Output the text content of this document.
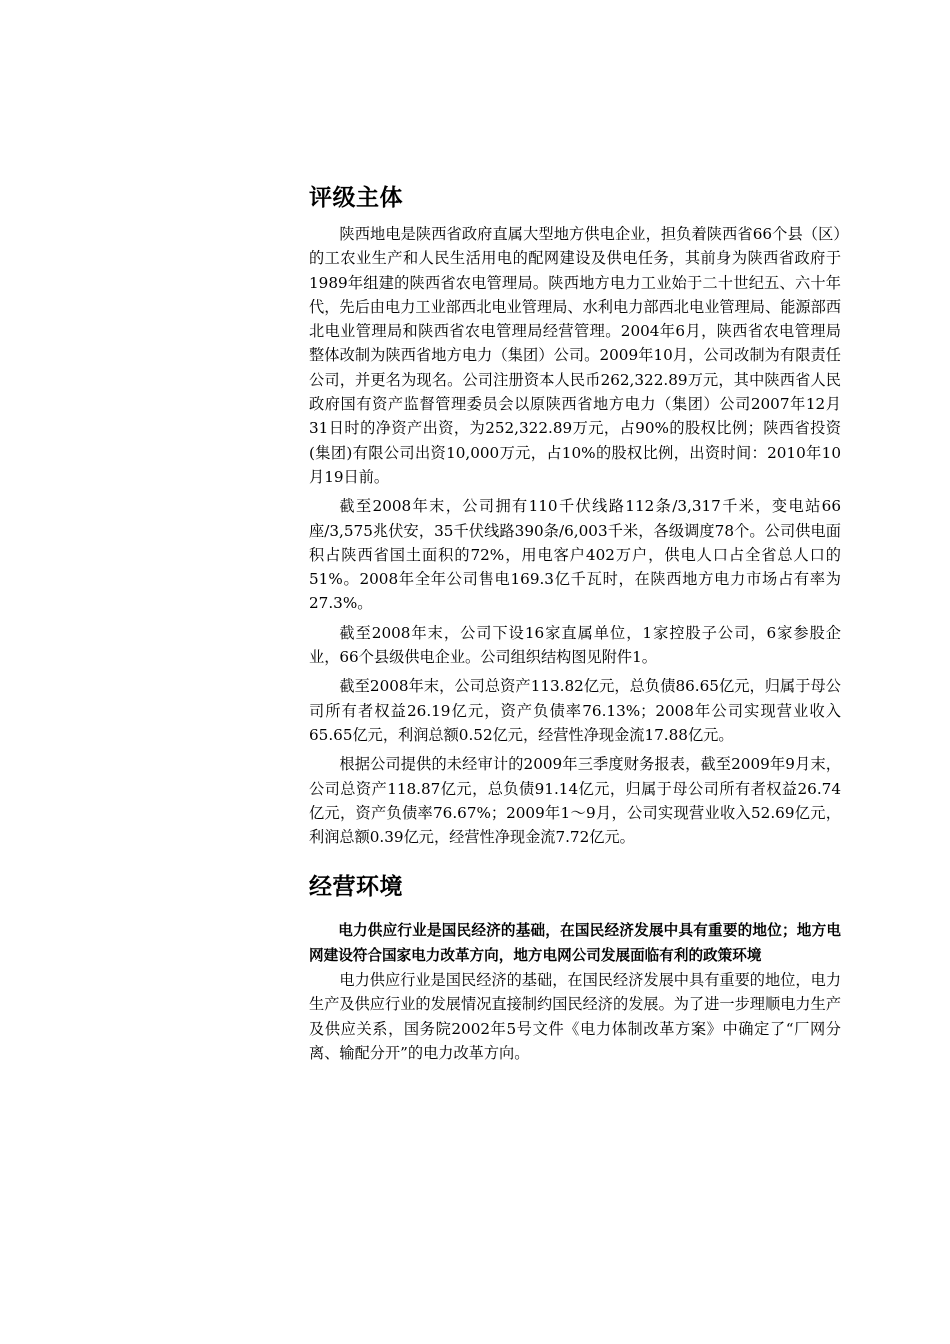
评级主体

陕西地电是陕西省政府直属大型地方供电企业，担负着陕西省66个县（区）的工农业生产和人民生活用电的配网建设及供电任务，其前身为陕西省政府于1989年组建的陕西省农电管理局。陕西地方电力工业始于二十世纪五、六十年代，先后由电力工业部西北电业管理局、水利电力部西北电业管理局、能源部西北电业管理局和陕西省农电管理局经营管理。2004年6月，陕西省农电管理局整体改制为陕西省地方电力（集团）公司。2009年10月，公司改制为有限责任公司，并更名为现名。公司注册资本人民币262,322.89万元，其中陕西省人民政府国有资产监督管理委员会以原陕西省地方电力（集团）公司2007年12月31日时的净资产出资，为252,322.89万元，占90%的股权比例；陕西省投资(集团)有限公司出资10,000万元，占10%的股权比例，出资时间：2010年10月19日前。

截至2008年末，公司拥有110千伏线路112条/3,317千米，变电站66座/3,575兆伏安，35千伏线路390条/6,003千米，各级调度78个。公司供电面积占陕西省国土面积的72%，用电客户402万户，供电人口占全省总人口的51%。2008年全年公司售电169.3亿千瓦时，在陕西地方电力市场占有率为27.3%。

截至2008年末，公司下设16家直属单位，1家控股子公司，6家参股企业，66个县级供电企业。公司组织结构图见附件1。

截至2008年末，公司总资产113.82亿元，总负债86.65亿元，归属于母公司所有者权益26.19亿元，资产负债率76.13%；2008年公司实现营业收入65.65亿元，利润总额0.52亿元，经营性净现金流17.88亿元。

根据公司提供的未经审计的2009年三季度财务报表，截至2009年9月末，公司总资产118.87亿元，总负债91.14亿元，归属于母公司所有者权益26.74亿元，资产负债率76.67%；2009年1～9月，公司实现营业收入52.69亿元，利润总额0.39亿元，经营性净现金流7.72亿元。

经营环境

电力供应行业是国民经济的基础，在国民经济发展中具有重要的地位；地方电网建设符合国家电力改革方向，地方电网公司发展面临有利的政策环境

电力供应行业是国民经济的基础，在国民经济发展中具有重要的地位，电力生产及供应行业的发展情况直接制约国民经济的发展。为了进一步理顺电力生产及供应关系，国务院2002年5号文件《电力体制改革方案》中确定了“厂网分离、输配分开”的电力改革方向。
